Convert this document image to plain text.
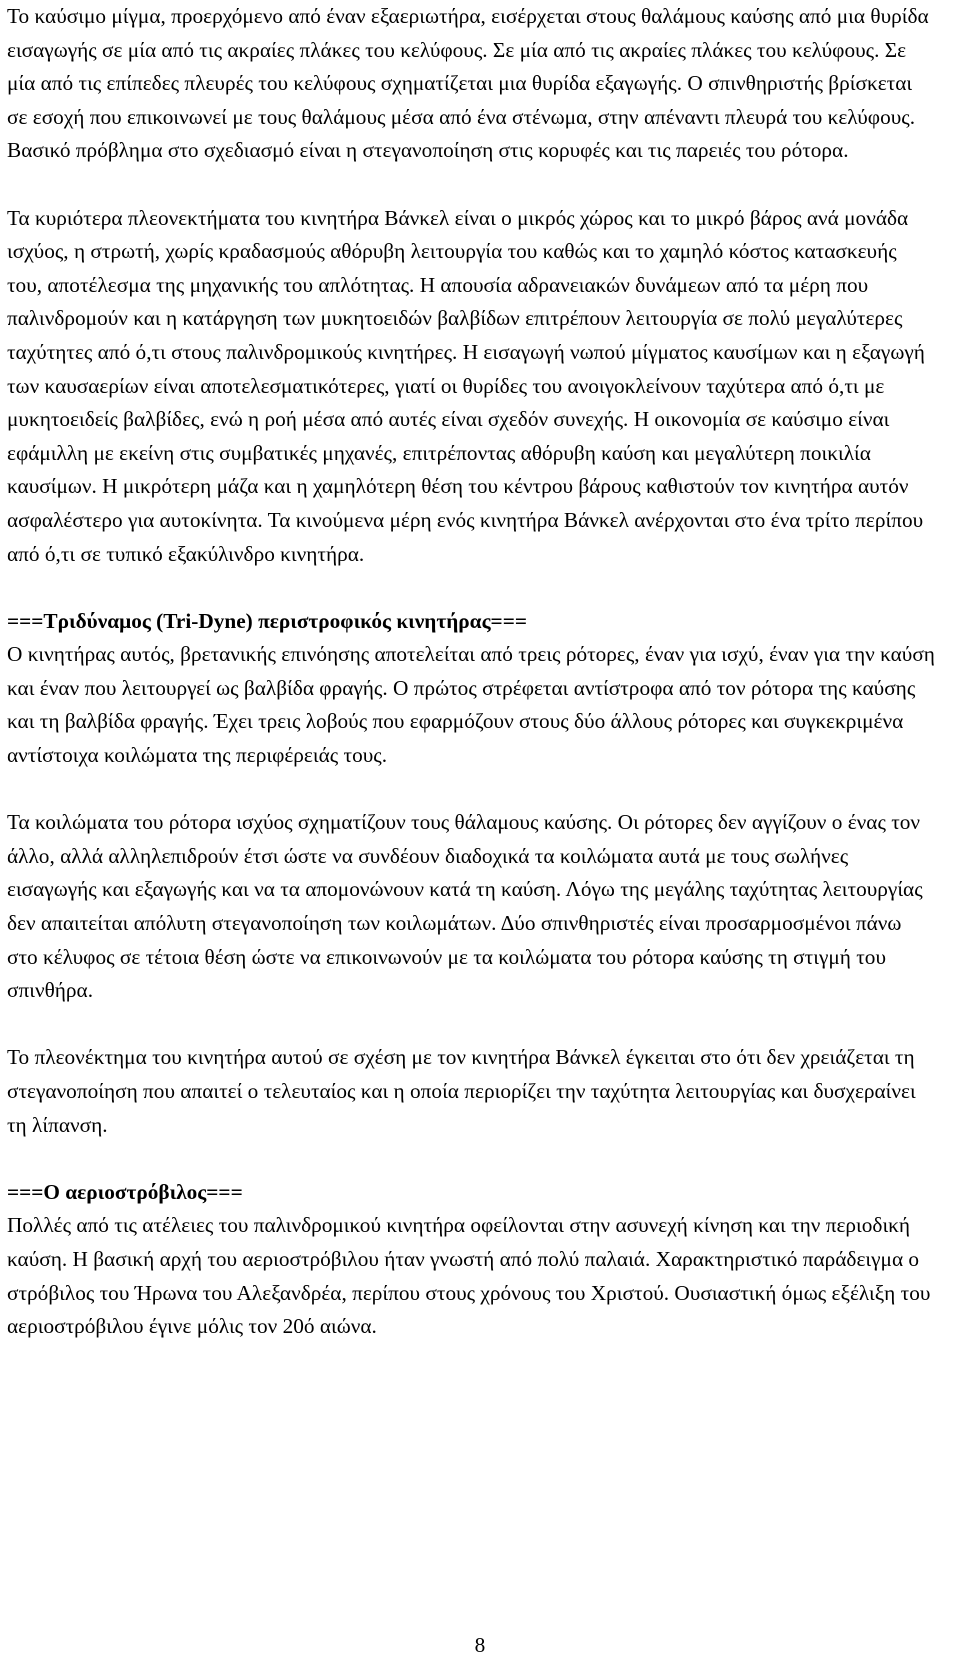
Το καύσιμο μίγμα, προερχόμενο από έναν εξαεριωτήρα, εισέρχεται στους θαλάμους καύσης από μια θυρίδα εισαγωγής σε μία από τις ακραίες πλάκες του κελύφους. Σε μία από τις ακραίες πλάκες του κελύφους. Σε μία από τις επίπεδες πλευρές του κελύφους σχηματίζεται μια θυρίδα εξαγωγής. Ο σπινθηριστής βρίσκεται σε εσοχή που επικοινωνεί με τους θαλάμους μέσα από ένα στένωμα, στην απέναντι πλευρά του κελύφους. Βασικό πρόβλημα στο σχεδιασμό είναι η στεγανοποίηση στις κορυφές και τις παρειές του ρότορα.

Τα κυριότερα πλεονεκτήματα του κινητήρα Βάνκελ είναι ο μικρός χώρος και το μικρό βάρος ανά μονάδα ισχύος, η στρωτή, χωρίς κραδασμούς αθόρυβη λειτουργία του καθώς και το χαμηλό κόστος κατασκευής του, αποτέλεσμα της μηχανικής του απλότητας. Η απουσία αδρανειακών δυνάμεων από τα μέρη που παλινδρομούν και η κατάργηση των μυκητοειδών βαλβίδων επιτρέπουν λειτουργία σε πολύ μεγαλύτερες ταχύτητες από ό,τι στους παλινδρομικούς κινητήρες. Η εισαγωγή νωπού μίγματος καυσίμων και η εξαγωγή των καυσαερίων είναι αποτελεσματικότερες, γιατί οι θυρίδες του ανοιγοκλείνουν ταχύτερα από ό,τι με μυκητοειδείς βαλβίδες, ενώ η ροή μέσα από αυτές είναι σχεδόν συνεχής. Η οικονομία σε καύσιμο είναι εφάμιλλη με εκείνη στις συμβατικές μηχανές, επιτρέποντας αθόρυβη καύση και μεγαλύτερη ποικιλία καυσίμων. Η μικρότερη μάζα και η χαμηλότερη θέση του κέντρου βάρους καθιστούν τον κινητήρα αυτόν ασφαλέστερο για αυτοκίνητα. Τα κινούμενα μέρη ενός κινητήρα Βάνκελ ανέρχονται στο ένα τρίτο περίπου από ό,τι σε τυπικό εξακύλινδρο κινητήρα.

===Τριδύναμος (Tri-Dyne) περιστροφικός κινητήρας===

Ο κινητήρας αυτός, βρετανικής επινόησης αποτελείται από τρεις ρότορες, έναν για ισχύ, έναν για την καύση και έναν που λειτουργεί ως βαλβίδα φραγής. Ο πρώτος στρέφεται αντίστροφα από τον ρότορα της καύσης και τη βαλβίδα φραγής. Έχει τρεις λοβούς που εφαρμόζουν στους δύο άλλους ρότορες και συγκεκριμένα αντίστοιχα κοιλώματα της περιφέρειάς τους.

Τα κοιλώματα του ρότορα ισχύος σχηματίζουν τους θάλαμους καύσης. Οι ρότορες δεν αγγίζουν ο ένας τον άλλο, αλλά αλληλεπιδρούν έτσι ώστε να συνδέουν διαδοχικά τα κοιλώματα αυτά με τους σωλήνες εισαγωγής και εξαγωγής και να τα απομονώνουν κατά τη καύση. Λόγω της μεγάλης ταχύτητας λειτουργίας δεν απαιτείται απόλυτη στεγανοποίηση των κοιλωμάτων. Δύο σπινθηριστές είναι προσαρμοσμένοι πάνω στο κέλυφος σε τέτοια θέση ώστε να επικοινωνούν με τα κοιλώματα του ρότορα καύσης τη στιγμή του σπινθήρα.

Το πλεονέκτημα του κινητήρα αυτού σε σχέση με τον κινητήρα Βάνκελ έγκειται στο ότι δεν χρειάζεται τη στεγανοποίηση που απαιτεί ο τελευταίος και η οποία περιορίζει την ταχύτητα λειτουργίας και δυσχεραίνει τη λίπανση.

===Ο αεριοστρόβιλος===

Πολλές από τις ατέλειες του παλινδρομικού κινητήρα οφείλονται στην ασυνεχή κίνηση και την περιοδική καύση. Η βασική αρχή του αεριοστρόβιλου ήταν γνωστή από πολύ παλαιά. Χαρακτηριστικό παράδειγμα ο στρόβιλος του Ήρωνα του Αλεξανδρέα, περίπου στους χρόνους του Χριστού. Ουσιαστική όμως εξέλιξη του αεριοστρόβιλου έγινε μόλις τον 20ό αιώνα.

8
